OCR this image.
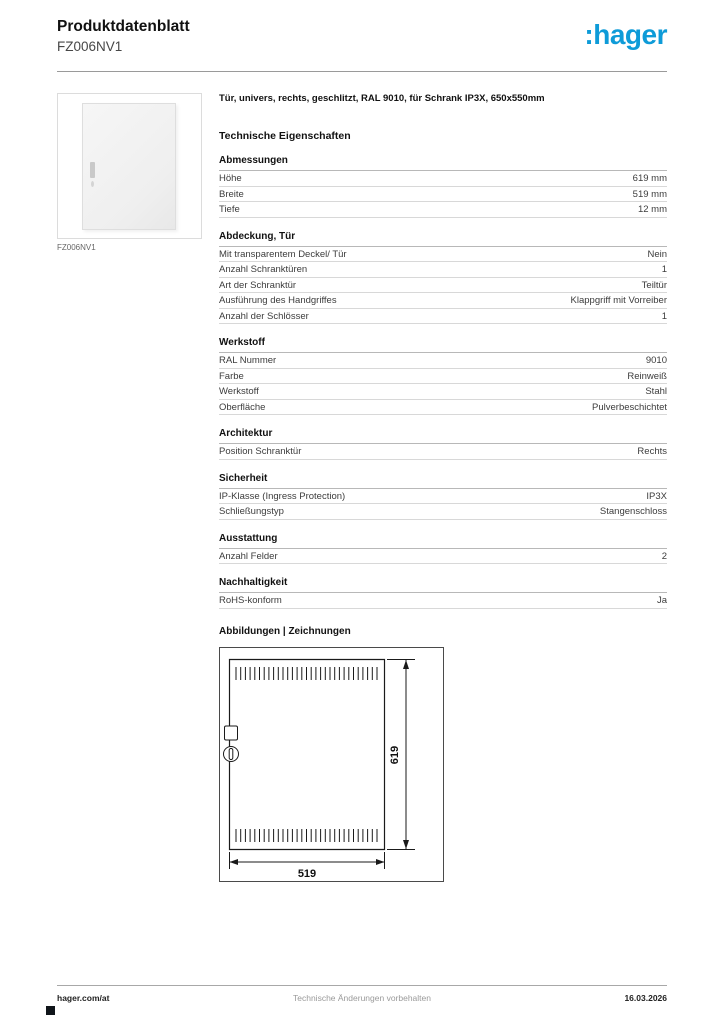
Produktdatenblatt
FZ006NV1	:hager
FZ006NV1
Tür, univers, rechts, geschlitzt, RAL 9010, für Schrank IP3X, 650x550mm
Technische Eigenschaften
Abmessungen
Höhe	619 mm
Breite	519 mm
Tiefe	12 mm
Abdeckung, Tür
Mit transparentem Deckel/ Tür	Nein
Anzahl Schranktüren	1
Art der Schranktür	Teiltür
Ausführung des Handgriffes	Klappgriff mit Vorreiber
Anzahl der Schlösser	1
Werkstoff
RAL Nummer	9010
Farbe	Reinweiß
Werkstoff	Stahl
Oberfläche	Pulverbeschichtet
Architektur
Position Schranktür	Rechts
Sicherheit
IP-Klasse (Ingress Protection)	IP3X
Schließungstyp	Stangenschloss
Ausstattung
Anzahl Felder	2
Nachhaltigkeit
RoHS-konform	Ja
Abbildungen | Zeichnungen
619
519
hager.com/at	Technische Änderungen vorbehalten	16.03.2026
